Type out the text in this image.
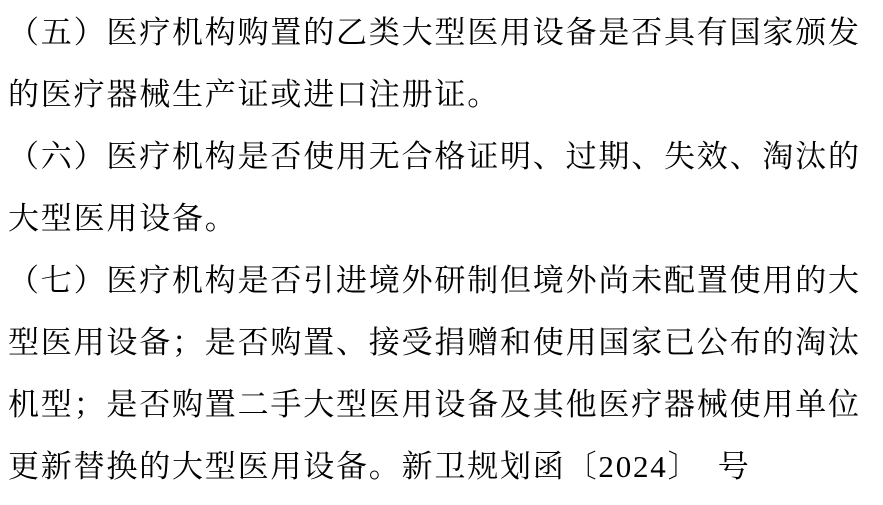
（五）医疗机构购置的乙类大型医用设备是否具有国家颁发
的医疗器械生产证或进口注册证。
（六）医疗机构是否使用无合格证明、过期、失效、淘汰的
大型医用设备。
（七）医疗机构是否引进境外研制但境外尚未配置使用的大
型医用设备；是否购置、接受捐赠和使用国家已公布的淘汰
机型；是否购置二手大型医用设备及其他医疗器械使用单位
更新替换的大型医用设备。新卫规划函〔2024〕　号
